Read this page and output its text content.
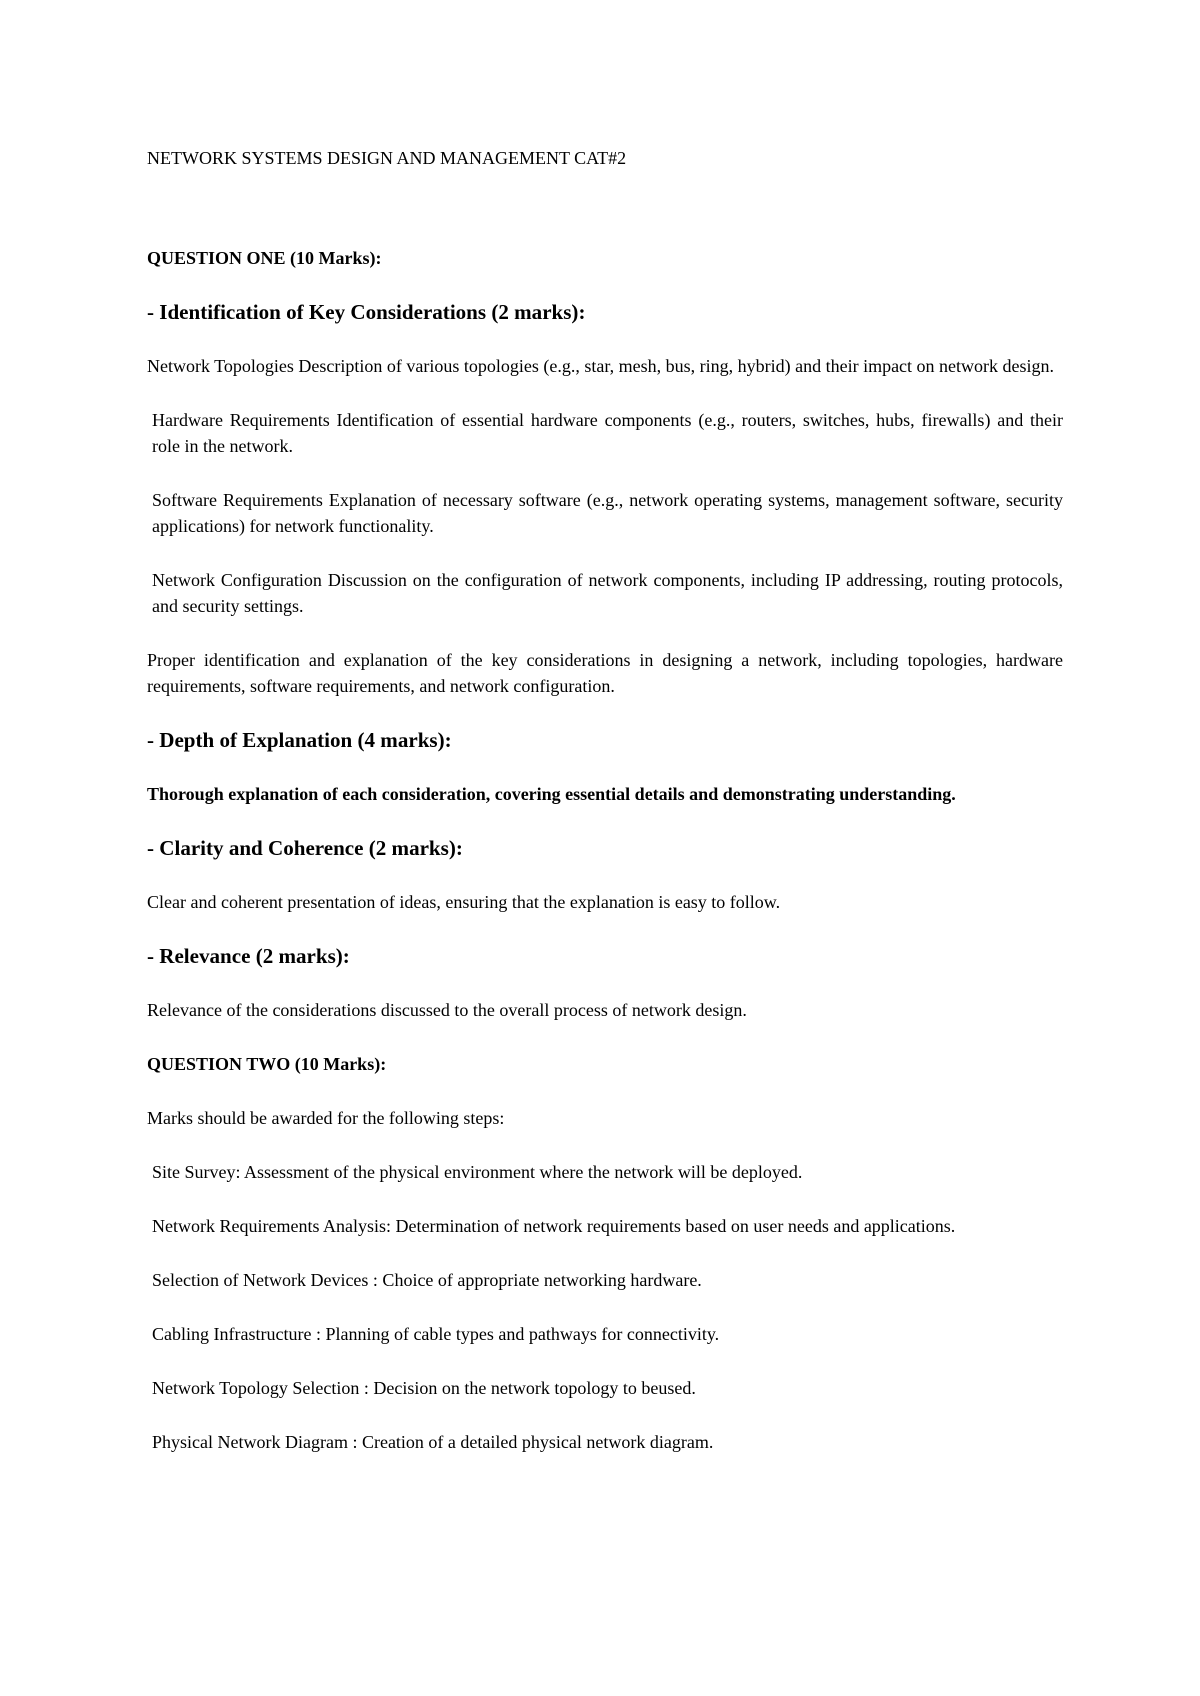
NETWORK SYSTEMS DESIGN AND MANAGEMENT CAT#2
QUESTION ONE (10 Marks):
- Identification of Key Considerations (2 marks):

Network Topologies Description of various topologies (e.g., star, mesh, bus, ring, hybrid) and their impact on network design.

Hardware Requirements Identification of essential hardware components (e.g., routers, switches, hubs, firewalls) and their role in the network.

Software Requirements Explanation of necessary software (e.g., network operating systems, management software, security applications) for network functionality.

Network Configuration Discussion on the configuration of network components, including IP addressing, routing protocols, and security settings.

Proper identification and explanation of the key considerations in designing a network, including topologies, hardware requirements, software requirements, and network configuration.

- Depth of Explanation (4 marks):

Thorough explanation of each consideration, covering essential details and demonstrating understanding.

- Clarity and Coherence (2 marks):

Clear and coherent presentation of ideas, ensuring that the explanation is easy to follow.

- Relevance (2 marks):

Relevance of the considerations discussed to the overall process of network design.

QUESTION TWO (10 Marks):

Marks should be awarded for the following steps:

Site Survey: Assessment of the physical environment where the network will be deployed.

Network Requirements Analysis: Determination of network requirements based on user needs and applications.

Selection of Network Devices : Choice of appropriate networking hardware.

Cabling Infrastructure : Planning of cable types and pathways for connectivity.

Network Topology Selection : Decision on the network topology to beused.

Physical Network Diagram : Creation of a detailed physical network diagram.
